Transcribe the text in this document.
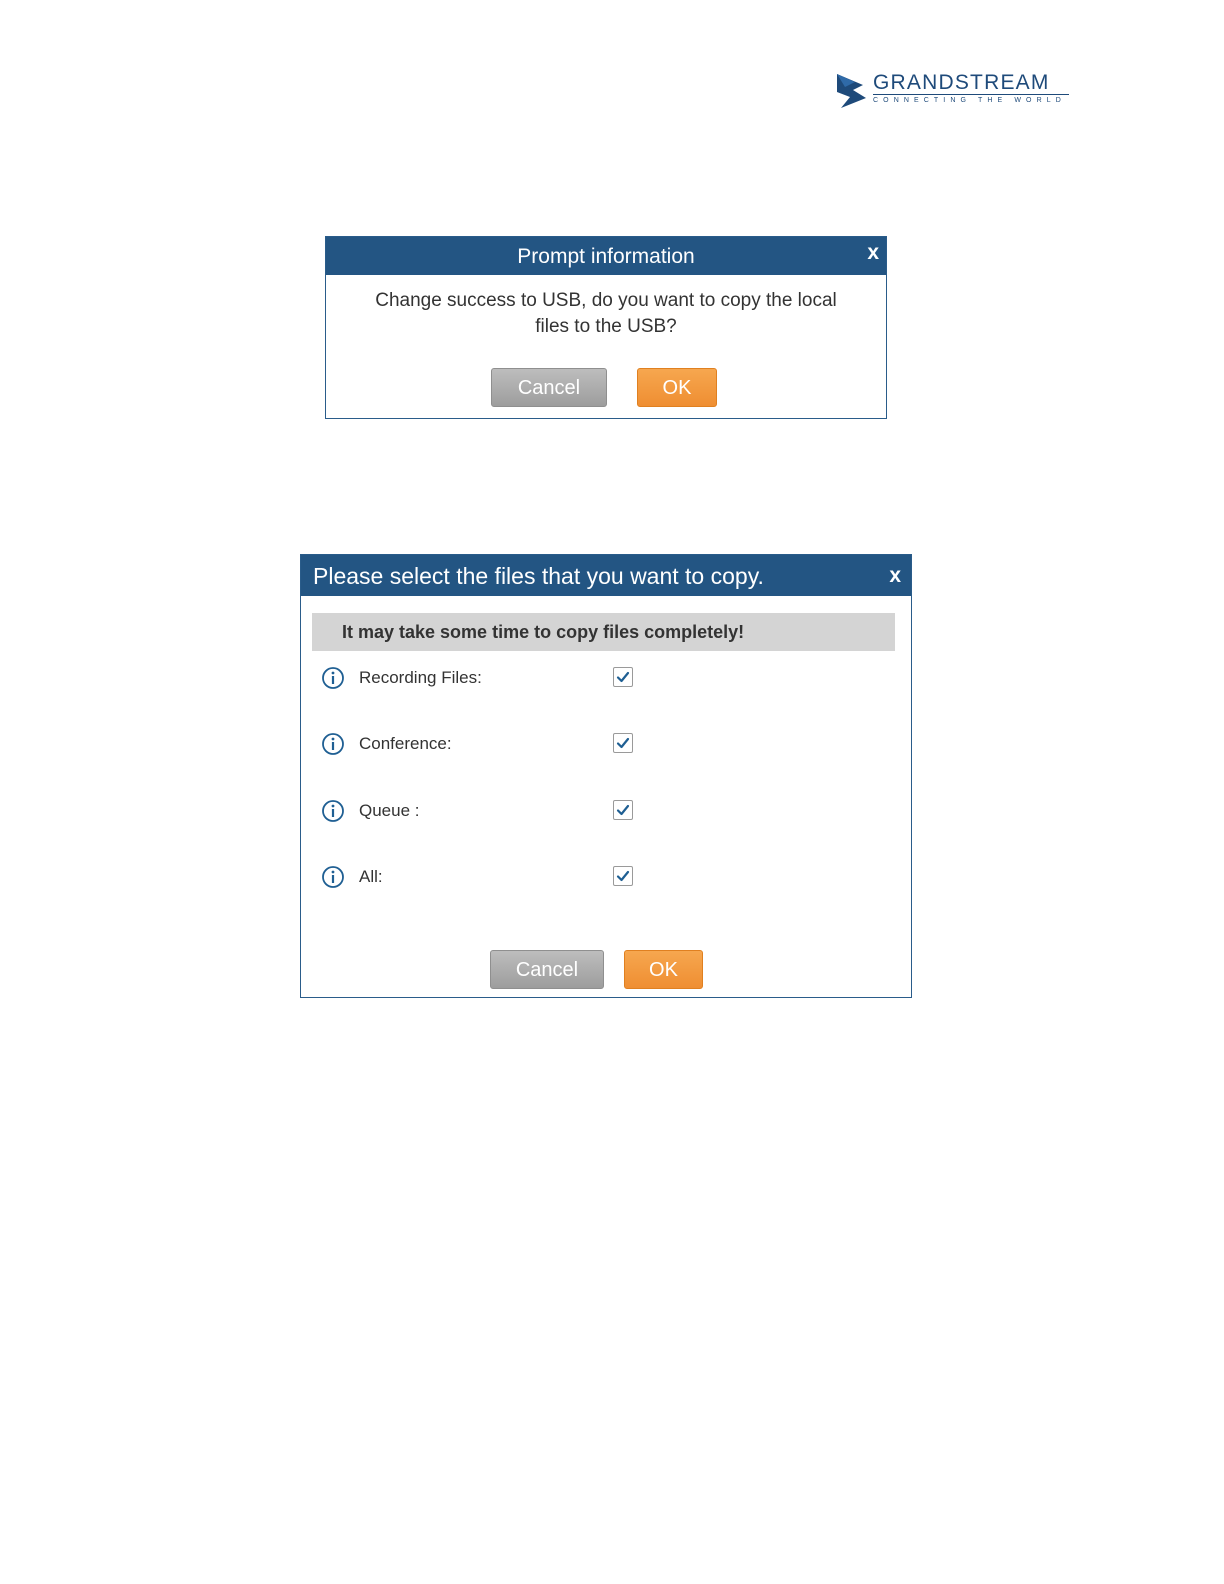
GRANDSTREAM
CONNECTING THE WORLD
Prompt information	x
Change success to USB, do you want to copy the local files to the USB?
Cancel	OK
Please select the files that you want to copy.	x
It may take some time to copy files completely!
Recording Files:
Conference:
Queue :
All:
Cancel	OK
